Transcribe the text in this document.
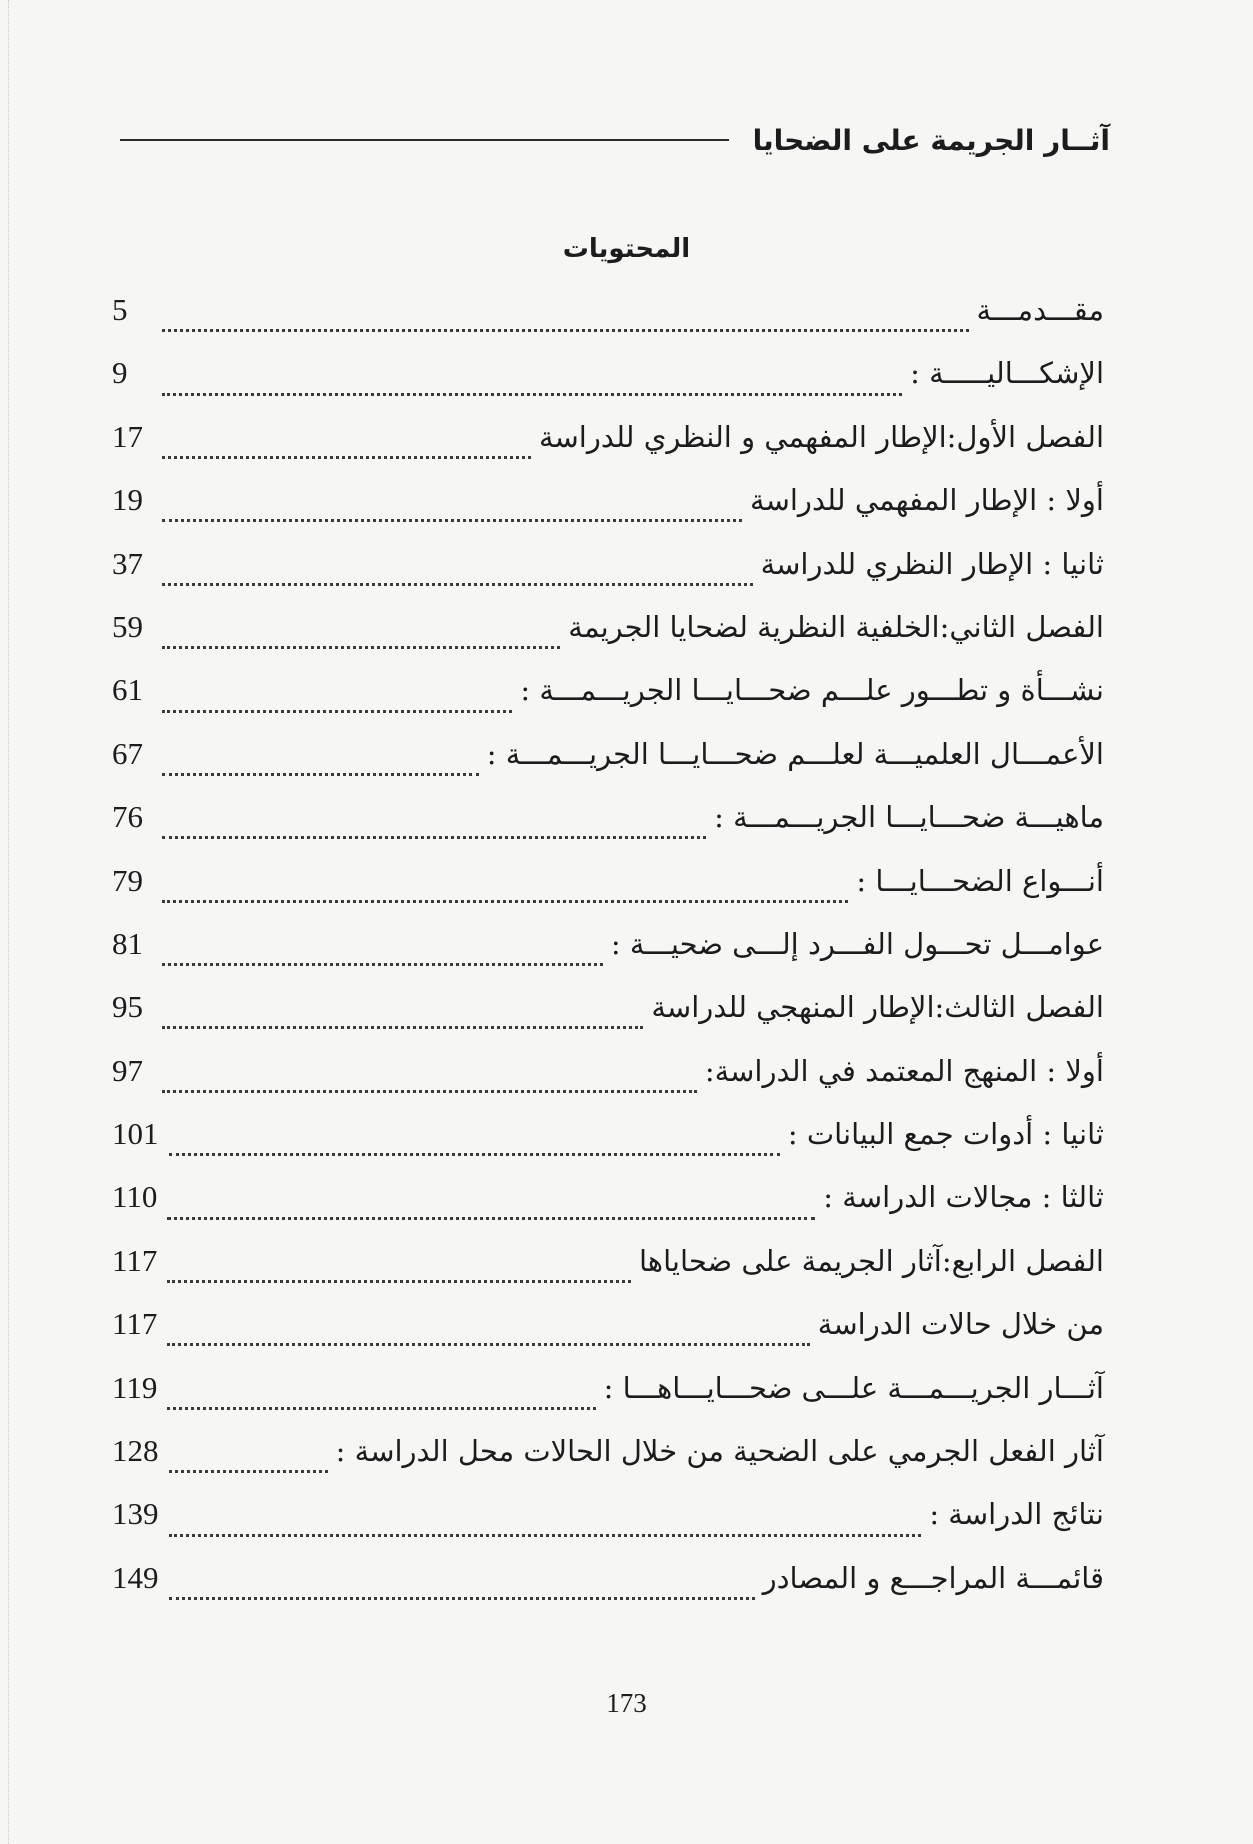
آثــار الجريمة على الضحايا
المحتويات
مقـــدمـــة
5
الإشكـــاليـــــة :
9
الفصل الأول:الإطار المفهمي و النظري للدراسة
17
أولا : الإطار المفهمي للدراسة
19
ثانيا : الإطار النظري للدراسة
37
الفصل الثاني:الخلفية النظرية لضحايا الجريمة
59
نشـــأة و تطـــور علـــم ضحـــايـــا الجريـــمـــة :
61
الأعمـــال العلميـــة لعلـــم ضحـــايـــا الجريـــمـــة :
67
ماهيـــة ضحـــايـــا الجريـــمـــة :
76
أنـــواع الضحـــايـــا :
79
عوامـــل تحـــول الفـــرد إلـــى ضحيـــة :
81
الفصل الثالث:الإطار المنهجي للدراسة
95
أولا : المنهج المعتمد في الدراسة:
97
ثانيا : أدوات جمع البيانات :
101
ثالثا : مجالات الدراسة :
110
الفصل الرابع:آثار الجريمة على ضحاياها
117
من خلال حالات الدراسة
117
آثـــار الجريـــمـــة علـــى ضحـــايـــاهـــا :
119
آثار الفعل الجرمي على الضحية من خلال الحالات محل الدراسة :
128
نتائج الدراسة :
139
قائمـــة المراجـــع و المصادر
149
173
